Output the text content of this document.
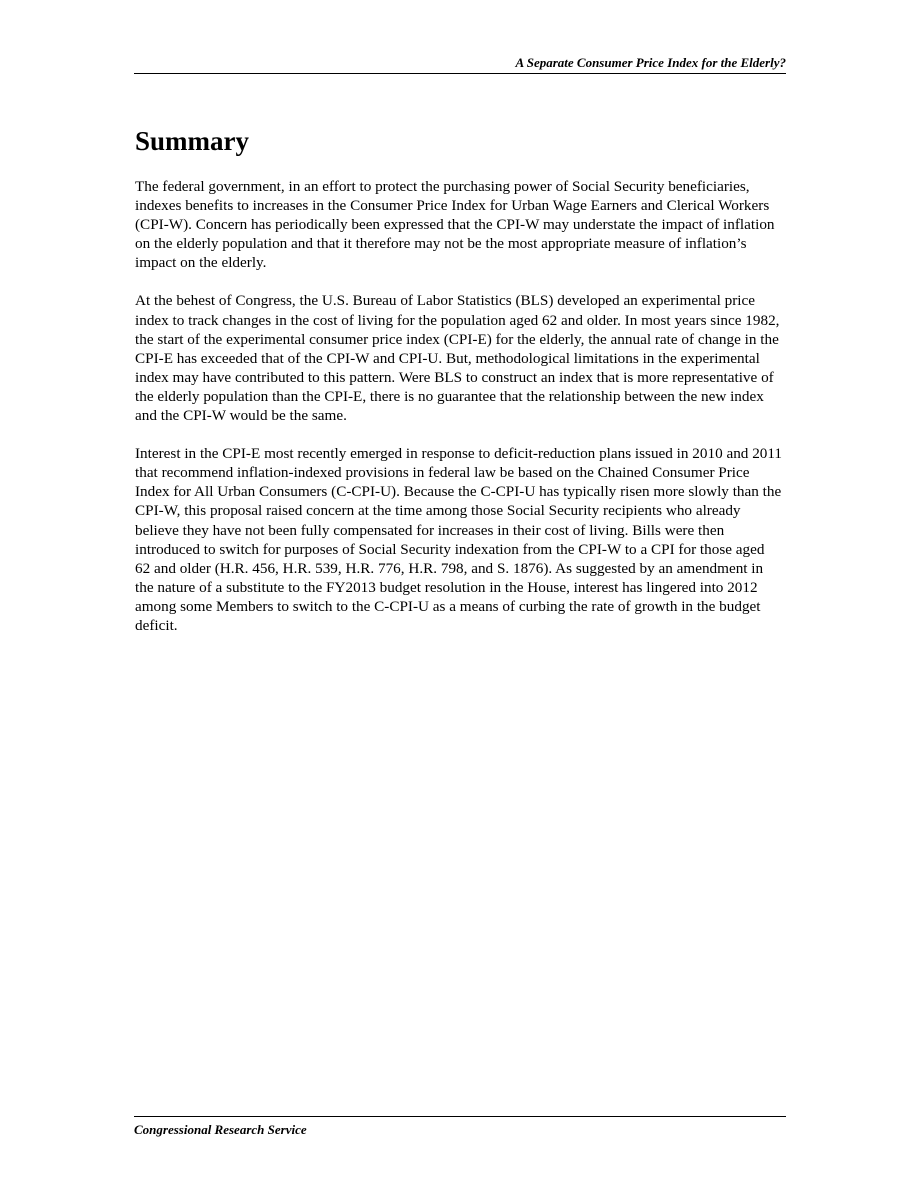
A Separate Consumer Price Index for the Elderly?
Summary

The federal government, in an effort to protect the purchasing power of Social Security beneficiaries, indexes benefits to increases in the Consumer Price Index for Urban Wage Earners and Clerical Workers (CPI-W). Concern has periodically been expressed that the CPI-W may understate the impact of inflation on the elderly population and that it therefore may not be the most appropriate measure of inflation’s impact on the elderly.

At the behest of Congress, the U.S. Bureau of Labor Statistics (BLS) developed an experimental price index to track changes in the cost of living for the population aged 62 and older. In most years since 1982, the start of the experimental consumer price index (CPI-E) for the elderly, the annual rate of change in the CPI-E has exceeded that of the CPI-W and CPI-U. But, methodological limitations in the experimental index may have contributed to this pattern. Were BLS to construct an index that is more representative of the elderly population than the CPI-E, there is no guarantee that the relationship between the new index and the CPI-W would be the same.

Interest in the CPI-E most recently emerged in response to deficit-reduction plans issued in 2010 and 2011 that recommend inflation-indexed provisions in federal law be based on the Chained Consumer Price Index for All Urban Consumers (C-CPI-U). Because the C-CPI-U has typically risen more slowly than the CPI-W, this proposal raised concern at the time among those Social Security recipients who already believe they have not been fully compensated for increases in their cost of living. Bills were then introduced to switch for purposes of Social Security indexation from the CPI-W to a CPI for those aged 62 and older (H.R. 456, H.R. 539, H.R. 776, H.R. 798, and S. 1876). As suggested by an amendment in the nature of a substitute to the FY2013 budget resolution in the House, interest has lingered into 2012 among some Members to switch to the C-CPI-U as a means of curbing the rate of growth in the budget deficit.

Congressional Research Service
